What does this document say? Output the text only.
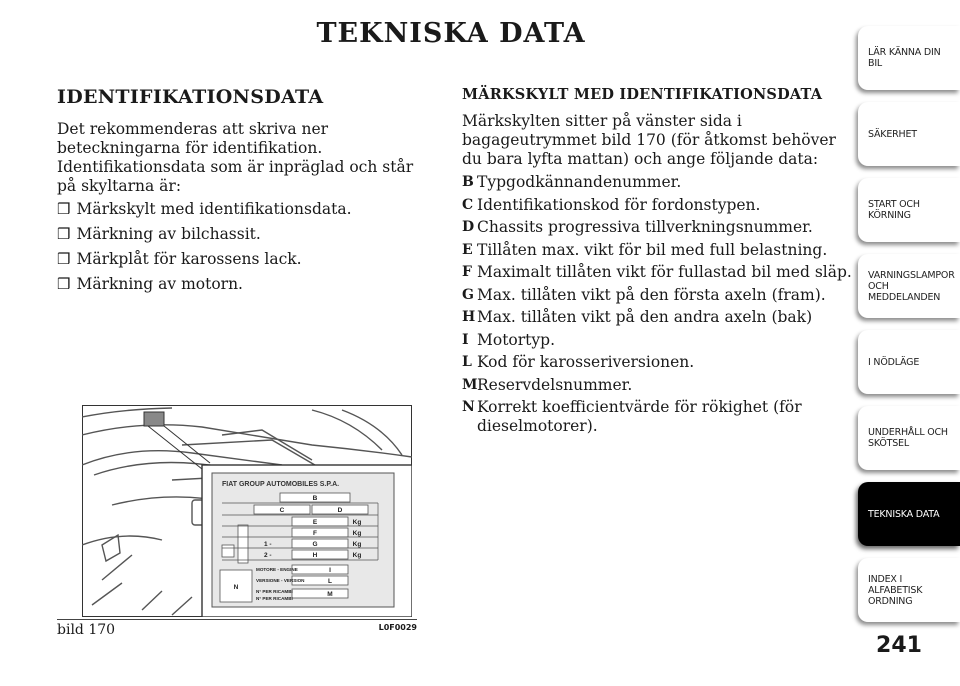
TEKNISKA DATA
IDENTIFIKATIONSDATA

Det rekommenderas att skriva ner beteckningarna för identifikation. Identifikationsdata som är inpräglad och står på skyltarna är:

❒ Märkskylt med identifikationsdata.
❒ Märkning av bilchassit.
❒ Märkplåt för karossens lack.
❒ Märkning av motorn.
MÄRKSKYLT MED IDENTIFIKATIONSDATA

Märkskylten sitter på vänster sida i bagageutrymmet bild 170 (för åtkomst behöver du bara lyfta mattan) och ange följande data:

B Typgodkännandenummer.
C Identifikationskod för fordonstypen.
D Chassits progressiva tillverkningsnummer.
E Tillåten max. vikt för bil med full belastning.
F Maximalt tillåten vikt för fullastad bil med släp.
G Max. tillåten vikt på den första axeln (fram).
H Max. tillåten vikt på den andra axeln (bak)
I Motortyp.
L Kod för karosseriversionen.
M Reservdelsnummer.
N Korrekt koefficientvärde för rökighet (för dieselmotorer).
FIAT GROUP AUTOMOBILES S.P.A.
B
C	D
E
F
G
H
I
L
M
N
Kg
Kg
Kg
Kg
1 -
2 -
MOTORE - ENGINE
VERSIONE - VERSION
N° PER RICAMBI
N° PER RICAMBI
bild 170	L0F0029
LÄR KÄNNA DIN BIL
SÄKERHET
START OCH KÖRNING
VARNINGSLAMPOR OCH MEDDELANDEN
I NÖDLÄGE
UNDERHÅLL OCH SKÖTSEL
TEKNISKA DATA
INDEX I ALFABETISK ORDNING
241
